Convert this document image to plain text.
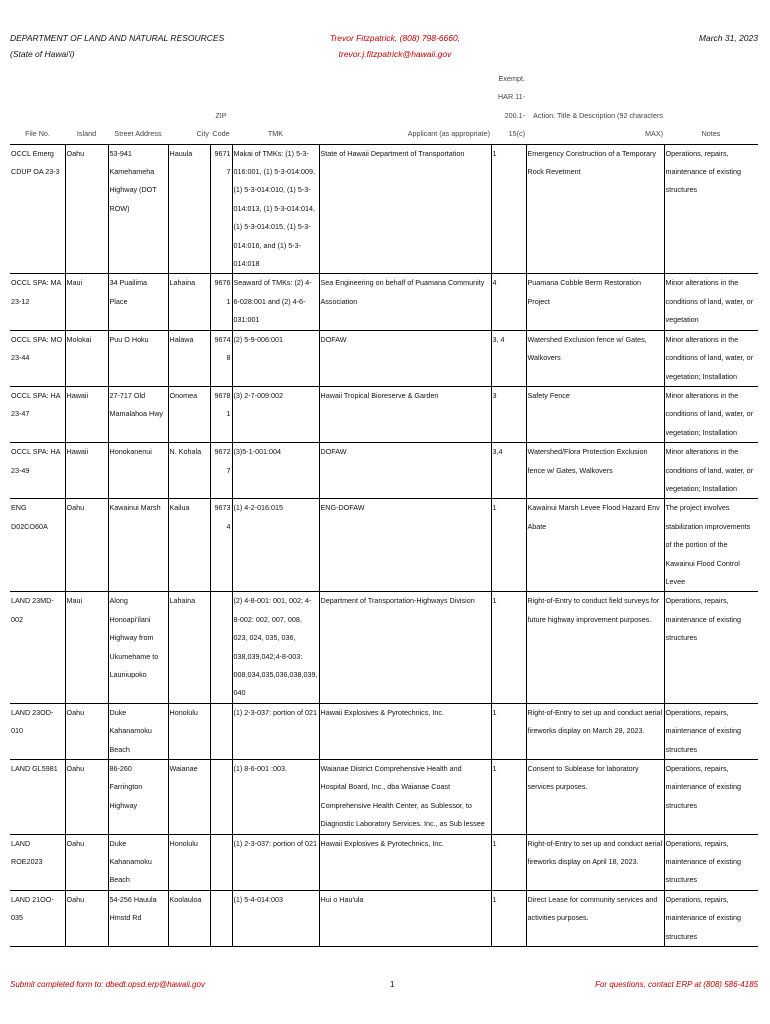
DEPARTMENT OF LAND AND NATURAL RESOURCES
(State of Hawai'i)
Trevor Fitzpatrick, (808) 798-6660,
trevor.j.fitzpatrick@hawaii.gov
March 31, 2023
File No.	Island	Street Address	City	ZIP Code	TMK	Applicant (as appropriate)	Exempt. HAR 11-200.1-15(c)	Action: Title & Description (92 characters MAX)	Notes
OCCL Emerg CDUP OA 23-3	Oahu	53-941 Kamehameha Highway (DOT ROW)	Hauula	96717	Makai of TMKs: (1) 5-3-016:001, (1) 5-3-014:009, (1) 5-3-014:010, (1) 5-3-014:013, (1) 5-3-014:014, (1) 5-3-014:015, (1) 5-3-014:016, and (1) 5-3-014:018	State of Hawaii Department of Transportation	1	Emergency Construction of a Temporary Rock Revetment	Operations, repairs, maintenance of existing structures
OCCL SPA: MA 23-12	Maui	34 Puailima Place	Lahaina	96761	Seaward of TMKs: (2) 4-6-028:001 and (2) 4-6-031:001	Sea Engineering on behalf of Puamana Community Association	4	Puamana Cobble Berm Restoration Project	Minor alterations in the conditions of land, water, or vegetation
OCCL SPA: MO 23-44	Molokai	Puu O Hoku	Halawa	96748	(2) 5-9-006:001	DOFAW	3, 4	Watershed Exclusion fence w/ Gates, Walkovers	Minor alterations in the conditions of land, water, or vegetation; Installation
OCCL SPA: HA 23-47	Hawaii	27-717 Old Mamalahoa Hwy	Onomea	96781	(3) 2-7-009:002	Hawaii Tropical Bioreserve & Garden	3	Safety Fence	Minor alterations in the conditions of land, water, or vegetation; Installation
OCCL SPA: HA 23-49	Hawaii	Honokanenui	N. Kohala	96727	(3)5-1-001:004	DOFAW	3,4	Watershed/Flora Protection Exclusion fence w/ Gates, Walkovers	Minor alterations in the conditions of land, water, or vegetation; Installation
ENG D02CO60A	Oahu	Kawainui Marsh	Kailua	96734	(1) 4-2-016:015	ENG-DOFAW	1	Kawainui Marsh Levee Flood Hazard Env Abate	The project involves stabilization improvements of the portion of the Kawainui Flood Control Levee
LAND 23MD-002	Maui	Along Honoapi'ilani Highway from Ukumehame to Launiupoko	Lahaina		(2) 4-8-001: 001, 002; 4-8-002: 002, 007, 008, 023, 024, 035, 036, 038,039,042;4-8-003: 008,034,035,036,038,039,040	Department of Transportation-Highways Division	1	Right-of-Entry to conduct field surveys for future highway improvement purposes.	Operations, repairs, maintenance of existing structures
LAND 23OD-010	Oahu	Duke Kahanamoku Beach	Honolulu		(1) 2-3-037: portion of 021	Hawaii Explosives & Pyrotechnics, Inc.	1	Right-of-Entry to set up and conduct aerial fireworks display on March 28, 2023.	Operations, repairs, maintenance of existing structures
LAND GL5981	Oahu	86-260 Farrington Highway	Waianae		(1) 8-6-001 :003.	Waianae District Comprehensive Health and Hospital Board, Inc., dba Waianae Coast Comprehensive Health Center, as Sublessor, to Diagnostic Laboratory Services. Inc., as Sub lessee	1	Consent to Sublease for laboratory services purposes.	Operations, repairs, maintenance of existing structures
LAND ROE2023	Oahu	Duke Kahanamoku Beach	Honolulu		(1) 2-3-037: portion of 021	Hawaii Explosives & Pyrotechnics, Inc.	1	Right-of-Entry to set up and conduct aerial fireworks display on April 18, 2023.	Operations, repairs, maintenance of existing structures
LAND 21OO-035	Oahu	54-256 Hauula Hmstd Rd	Koolauloa		(1) 5-4-014:003	Hui o Hau'ula	1	Direct Lease for community services and activities purposes.	Operations, repairs, maintenance of existing structures
Submit completed form to: dbedt.opsd.erp@hawaii.gov	1	For questions, contact ERP at (808) 586-4185
